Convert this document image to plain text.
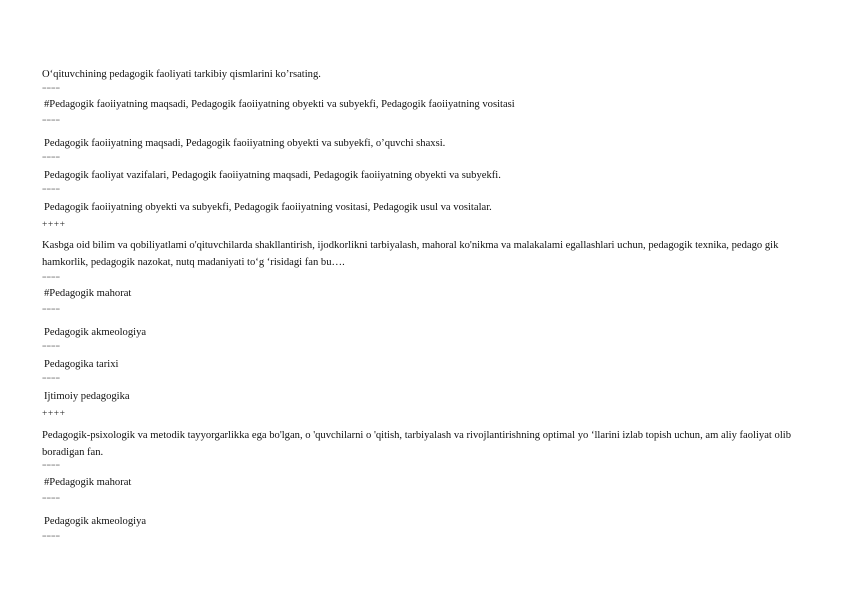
O‘qituvchining pedagogik faoliyati tarkibiy qismlarini ko’rsating.
====
#Pedagogik faoiiyatning maqsadi, Pedagogik faoiiyatning obyekti va subyekfi, Pedagogik faoiiyatning vositasi
====
Pedagogik faoiiyatning maqsadi, Pedagogik faoiiyatning obyekti va subyekfi, o’quvchi shaxsi.
====
Pedagogik faoliyat vazifalari, Pedagogik faoiiyatning maqsadi, Pedagogik faoiiyatning obyekti va subyekfi.
====
Pedagogik faoiiyatning obyekti va subyekfi, Pedagogik faoiiyatning vositasi, Pedagogik usul va vositalar.
++++
Kasbga oid bilim va qobiliyatlami o'qituvchilarda shakllantirish, ijodkorlikni tarbiyalash, mahoral ko'nikma va malakalami egallashlari uchun, pedagogik texnika, pedago gik hamkorlik, pedagogik nazokat, nutq madaniyati to‘g ‘risidagi fan bu….
====
#Pedagogik mahorat
====
Pedagogik akmeologiya
====
Pedagogika tarixi
====
Ijtimoiy pedagogika
++++
Pedagogik-psixologik va metodik tayyorgarlikka ega bo'lgan, o 'quvchilarni o 'qitish, tarbiyalash va rivojlantirishning optimal yo ‘llarini izlab topish uchun, am aliy faoliyat olib boradigan fan.
====
#Pedagogik mahorat
====
Pedagogik akmeologiya
====
